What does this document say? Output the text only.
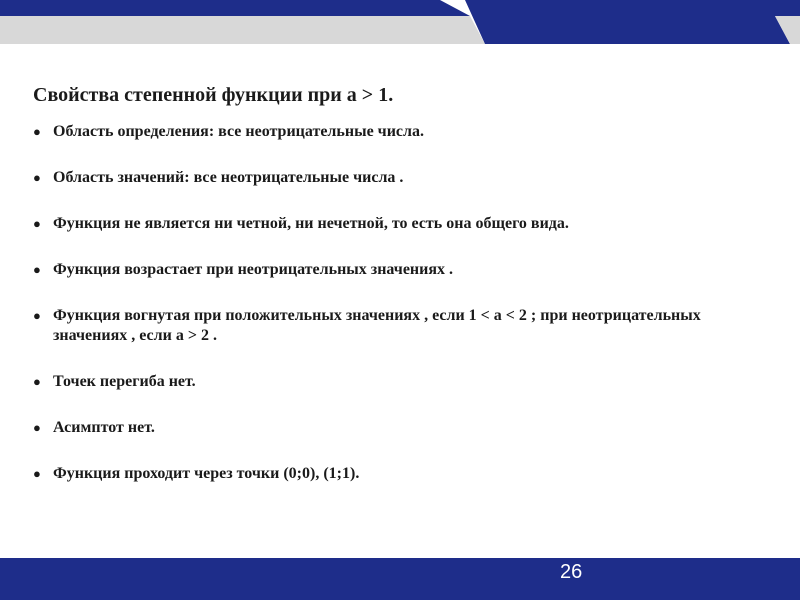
Свойства степенной функции при а > 1.
● Область определения: все неотрицательные числа.
● Область значений: все неотрицательные числа .
● Функция не является ни четной, ни нечетной, то есть она общего вида.
● Функция возрастает при неотрицательных значениях .
● Функция вогнутая при положительных значениях , если 1 < а < 2 ; при неотрицательных значениях , если а > 2 .
● Точек перегиба нет.
● Асимптот нет.
● Функция проходит через точки (0;0), (1;1).
26
